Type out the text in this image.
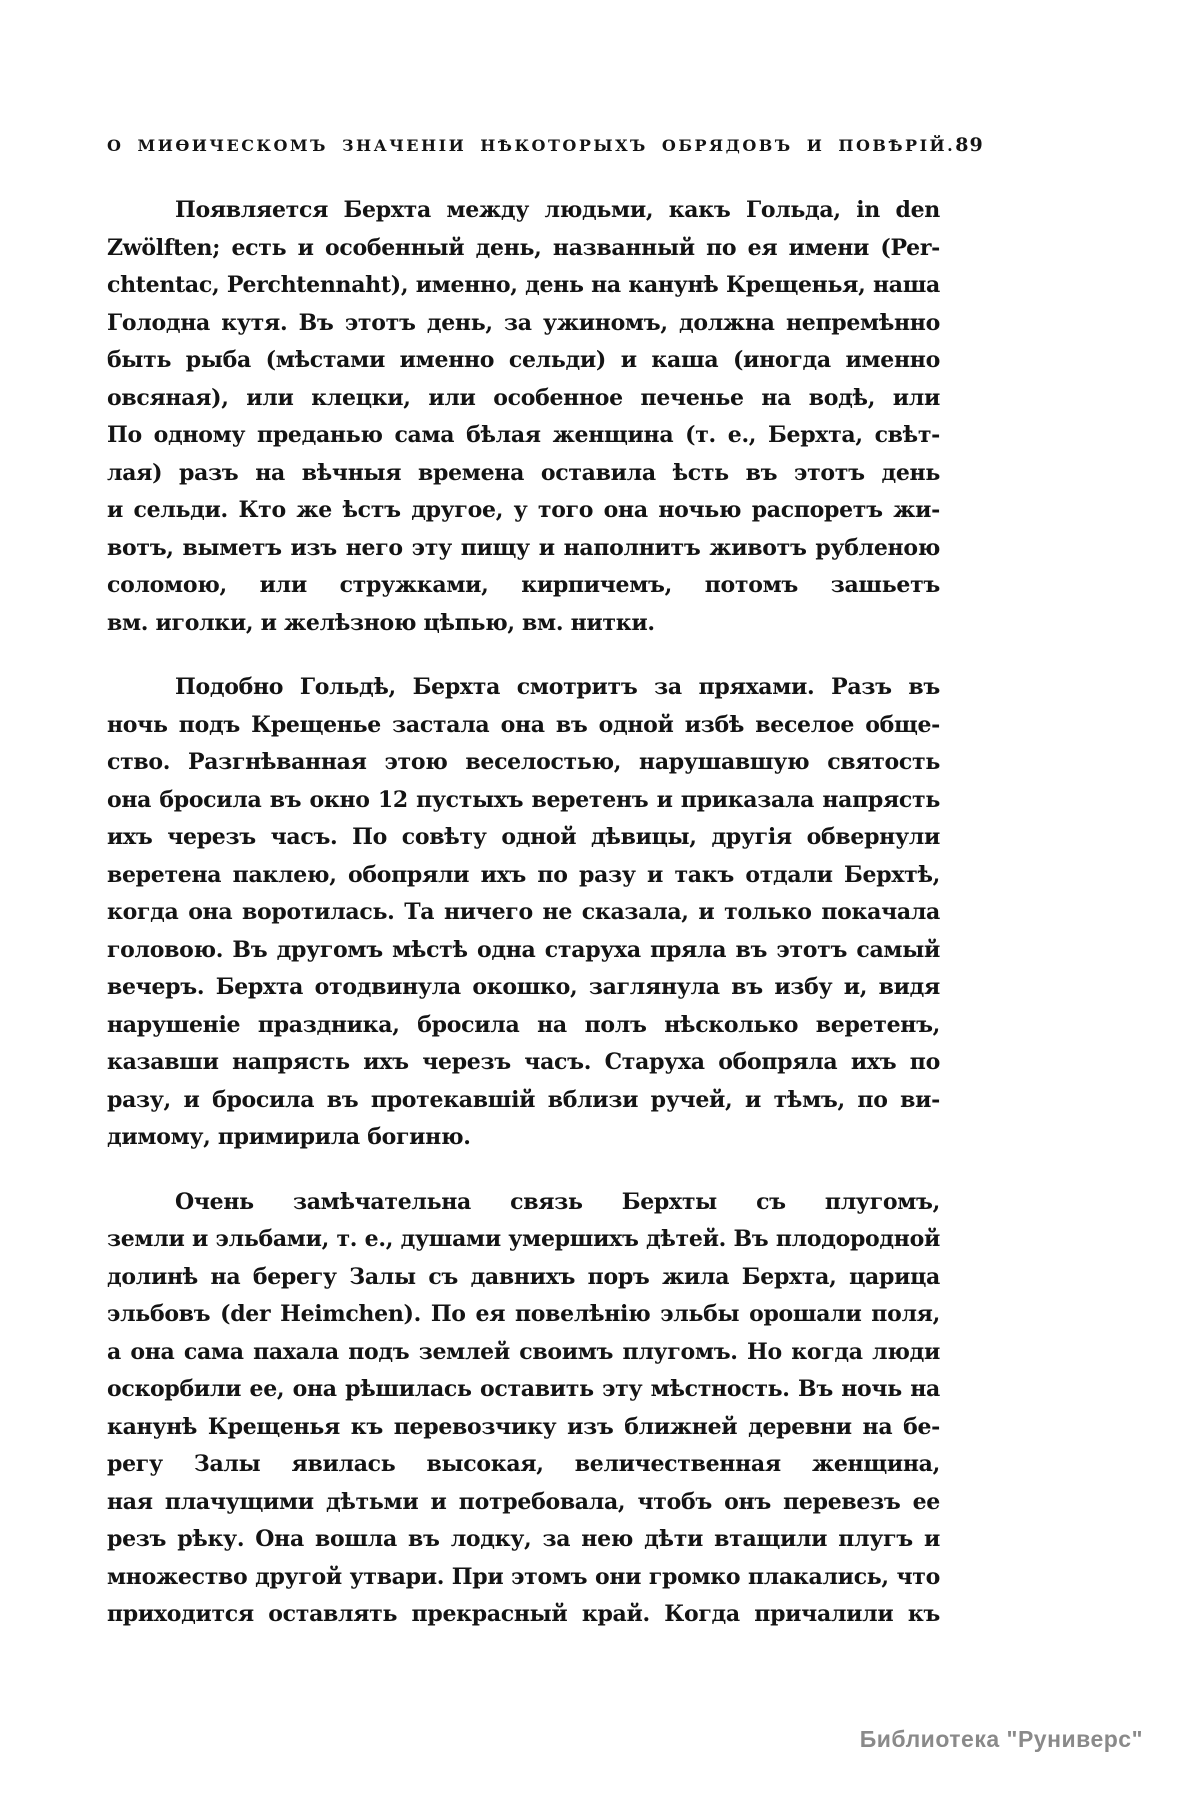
О МИѲИЧЕСКОМЪ ЗНАЧЕНІИ НѢКОТОРЫХЪ ОБРЯДОВЪ И ПОВѢРІЙ. 89
Появляется Берхта между людьми, какъ Гольда, in den
Zwölften; есть и особенный день, названный по ея имени (Per-
chtentac, Perchtennaht), именно, день на канунѣ Крещенья, наша
Голодна кутя. Въ этотъ день, за ужиномъ, должна непремѣнно
быть рыба (мѣстами именно сельди) и каша (иногда именно
овсяная), или клецки, или особенное печенье на водѣ, или
По одному преданью сама бѣлая женщина (т. е., Берхта, свѣт-
лая) разъ на вѣчныя времена оставила ѣсть въ этотъ день
и сельди. Кто же ѣстъ другое, у того она ночью распоретъ жи-
вотъ, выметъ изъ него эту пищу и наполнитъ животъ рубленою
соломою, или стружками, кирпичемъ, потомъ зашьетъ
вм. иголки, и желѣзною цѣпью, вм. нитки.
Подобно Гольдѣ, Берхта смотритъ за пряхами. Разъ въ
ночь подъ Крещенье застала она въ одной избѣ веселое обще-
ство. Разгнѣванная этою веселостью, нарушавшую святость
она бросила въ окно 12 пустыхъ веретенъ и приказала напрясть
ихъ черезъ часъ. По совѣту одной дѣвицы, другія обвернули
веретена паклею, обопряли ихъ по разу и такъ отдали Берхтѣ,
когда она воротилась. Та ничего не сказала, и только покачала
головою. Въ другомъ мѣстѣ одна старуха пряла въ этотъ самый
вечеръ. Берхта отодвинула окошко, заглянула въ избу и, видя
нарушеніе праздника, бросила на полъ нѣсколько веретенъ,
казавши напрясть ихъ черезъ часъ. Старуха обопряла ихъ по
разу, и бросила въ протекавшій вблизи ручей, и тѣмъ, по ви-
димому, примирила богиню.
Очень замѣчательна связь Берхты съ плугомъ,
земли и эльбами, т. е., душами умершихъ дѣтей. Въ плодородной
долинѣ на берегу Залы съ давнихъ поръ жила Берхта, царица
эльбовъ (der Heimchen). По ея повелѣнію эльбы орошали поля,
а она сама пахала подъ землей своимъ плугомъ. Но когда люди
оскорбили ее, она рѣшилась оставить эту мѣстность. Въ ночь на
канунѣ Крещенья къ перевозчику изъ ближней деревни на бе-
регу Залы явилась высокая, величественная женщина,
ная плачущими дѣтьми и потребовала, чтобъ онъ перевезъ ее
резъ рѣку. Она вошла въ лодку, за нею дѣти втащили плугъ и
множество другой утвари. При этомъ они громко плакались, что
приходится оставлять прекрасный край. Когда причалили къ
Библиотека "Руниверс"
